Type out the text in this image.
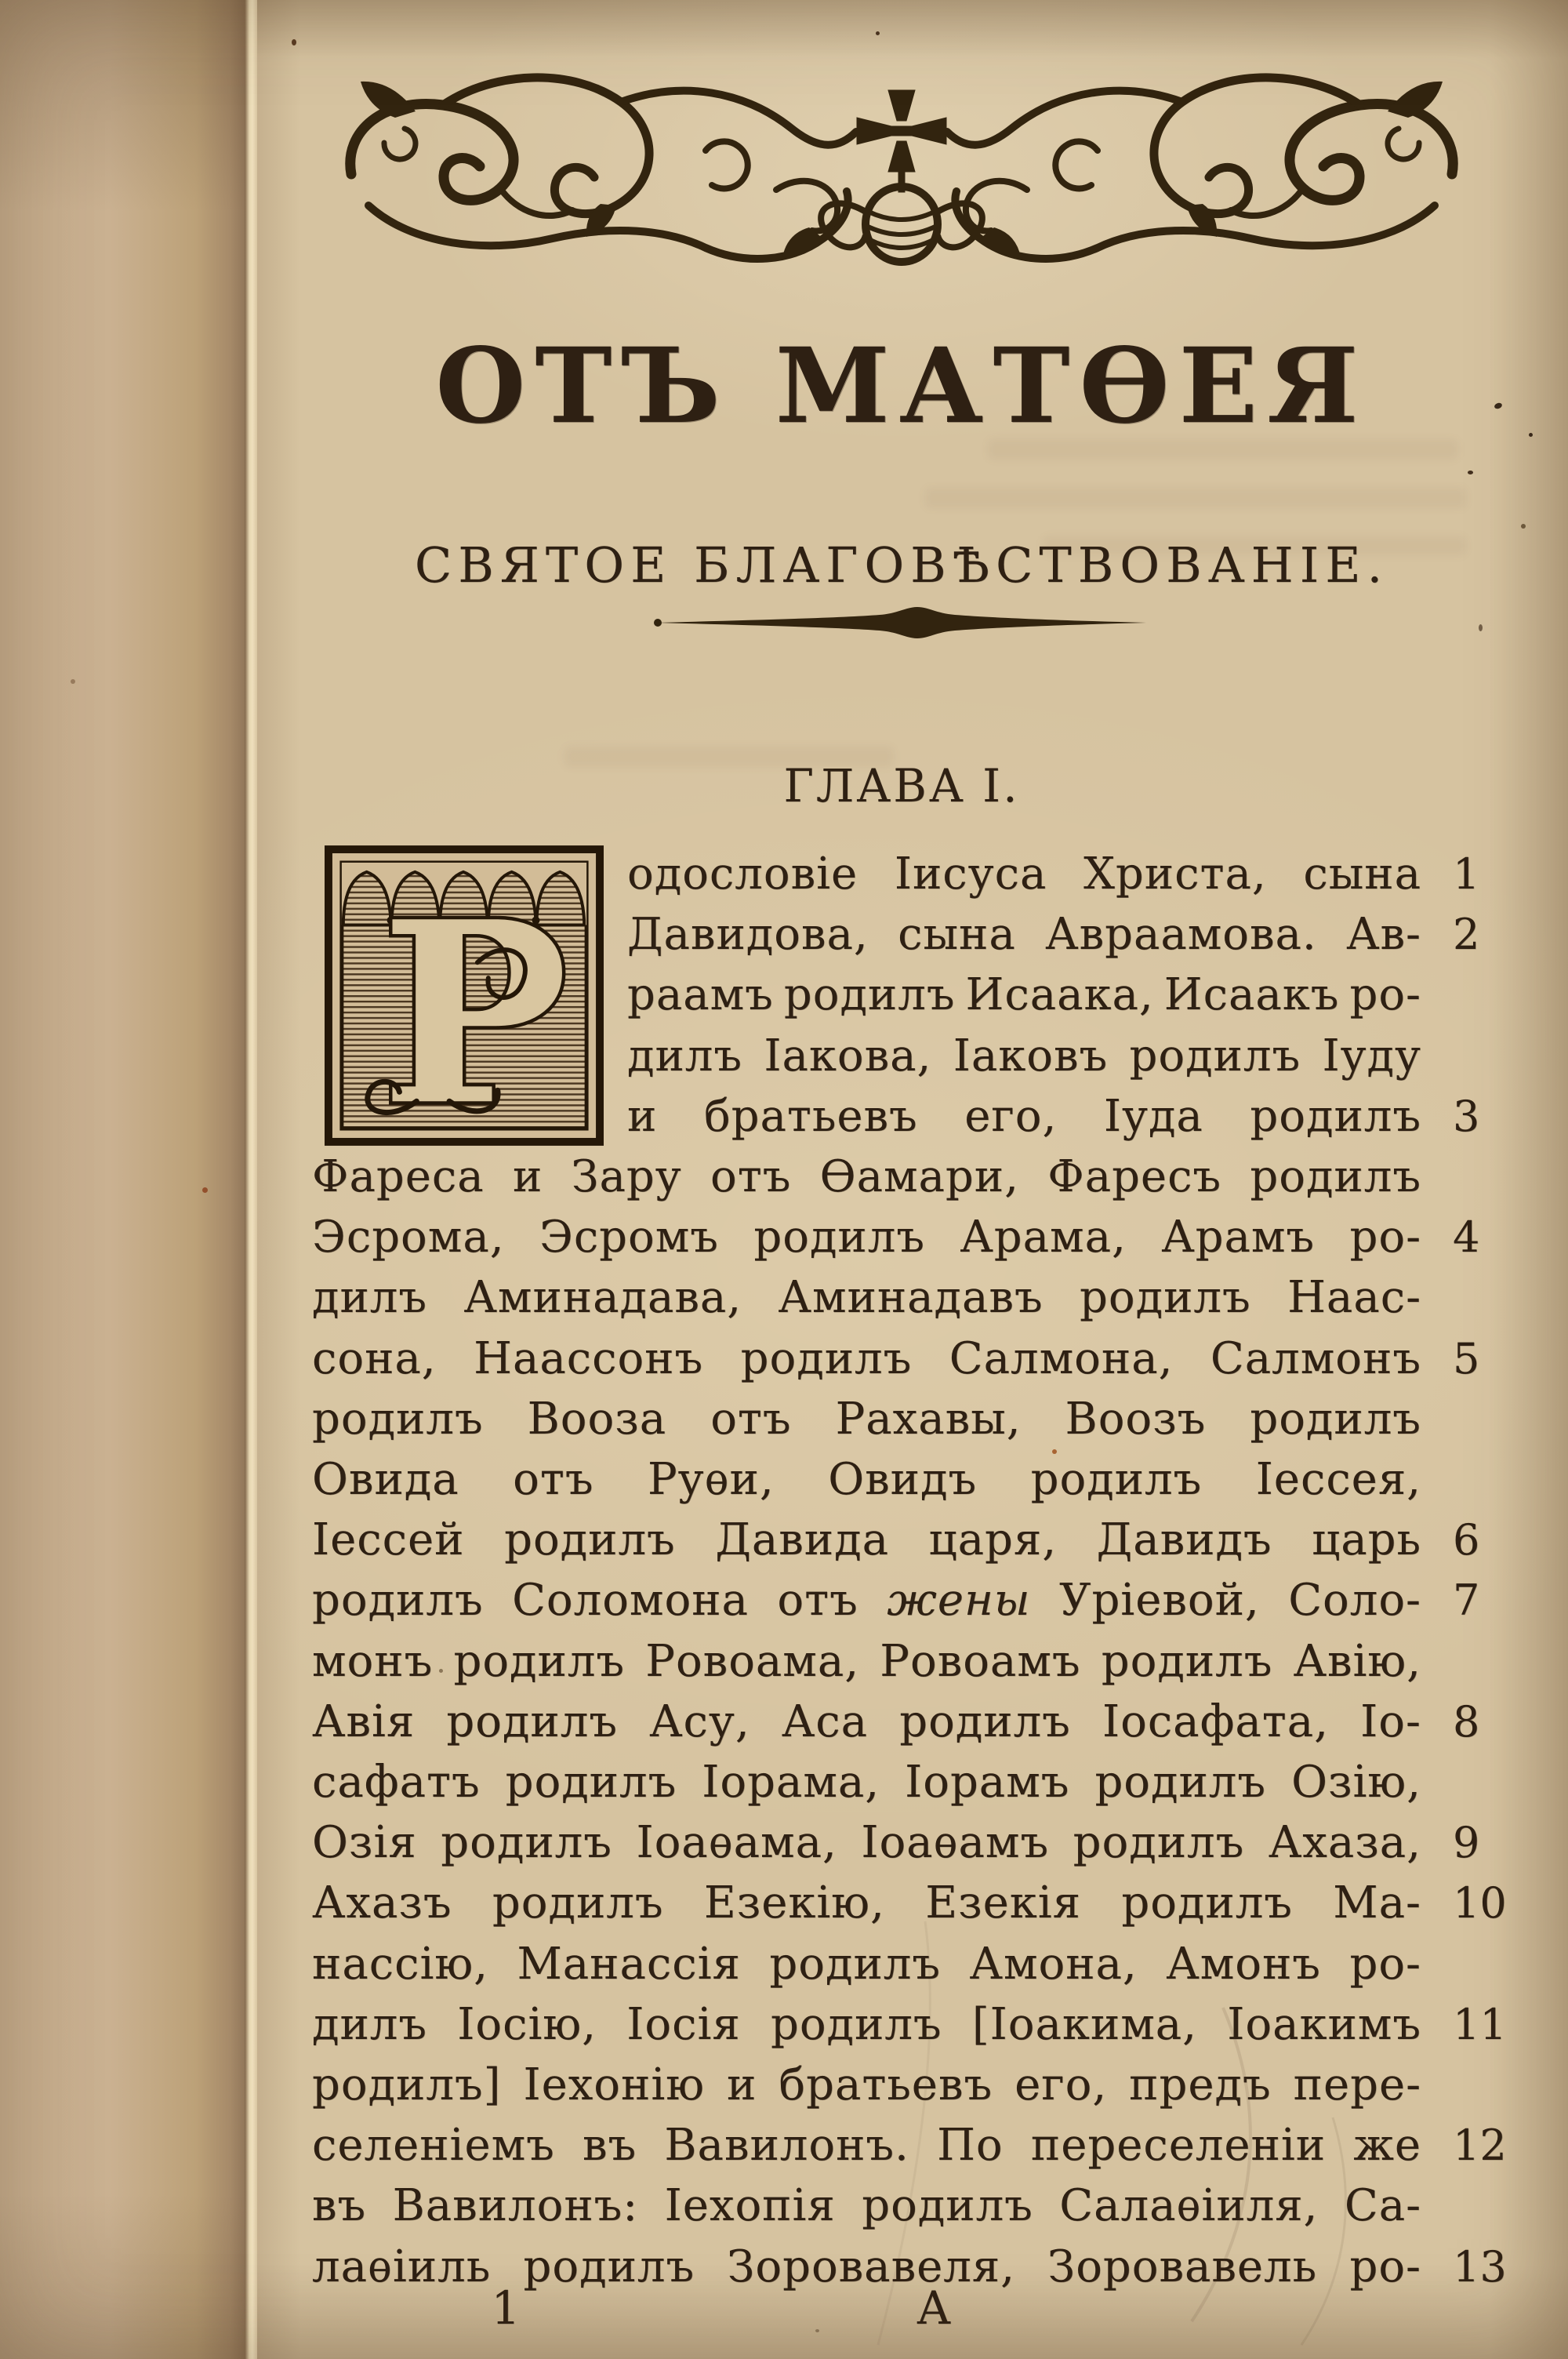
ОТЪ МАТѲЕЯ
СВЯТОЕ БЛАГОВѢСТВОВАНІЕ.
ГЛАВА I.
Р одословіе Іисуса Христа, сына 1
Давидова, сына Авраамова. Ав- 2
раамъ родилъ Исаака, Исаакъ ро-
дилъ Іакова, Іаковъ родилъ Іуду
и братьевъ его, Іуда родилъ 3
Фареса и Зару отъ Ѳамари, Фаресъ родилъ
Эсрома, Эсромъ родилъ Арама, Арамъ ро- 4
дилъ Аминадава, Аминадавъ родилъ Наас-
сона, Наассонъ родилъ Салмона, Салмонъ 5
родилъ Вооза отъ Рахавы, Воозъ родилъ
Овида отъ Руѳи, Овидъ родилъ Іессея,
Іессей родилъ Давида царя, Давидъ царь 6
родилъ Соломона отъ жены Уріевой, Соло- 7
монъ родилъ Ровоама, Ровоамъ родилъ Авію,
Авія родилъ Асу, Аса родилъ Іосафата, Іо- 8
сафатъ родилъ Іорама, Іорамъ родилъ Озію,
Озія родилъ Іоаѳама, Іоаѳамъ родилъ Ахаза, 9
Ахазъ родилъ Езекію, Езекія родилъ Ма- 10
нассію, Манассія родилъ Амона, Амонъ ро-
дилъ Іосію, Іосія родилъ [Іоакима, Іоакимъ 11
родилъ] Іехонію и братьевъ его, предъ пере-
селеніемъ въ Вавилонъ. По переселеніи же 12
въ Вавилонъ: Іехопія родилъ Салаѳіиля, Са-
лаѳіиль родилъ Зоровавеля, Зоровавель ро- 13
1	А
